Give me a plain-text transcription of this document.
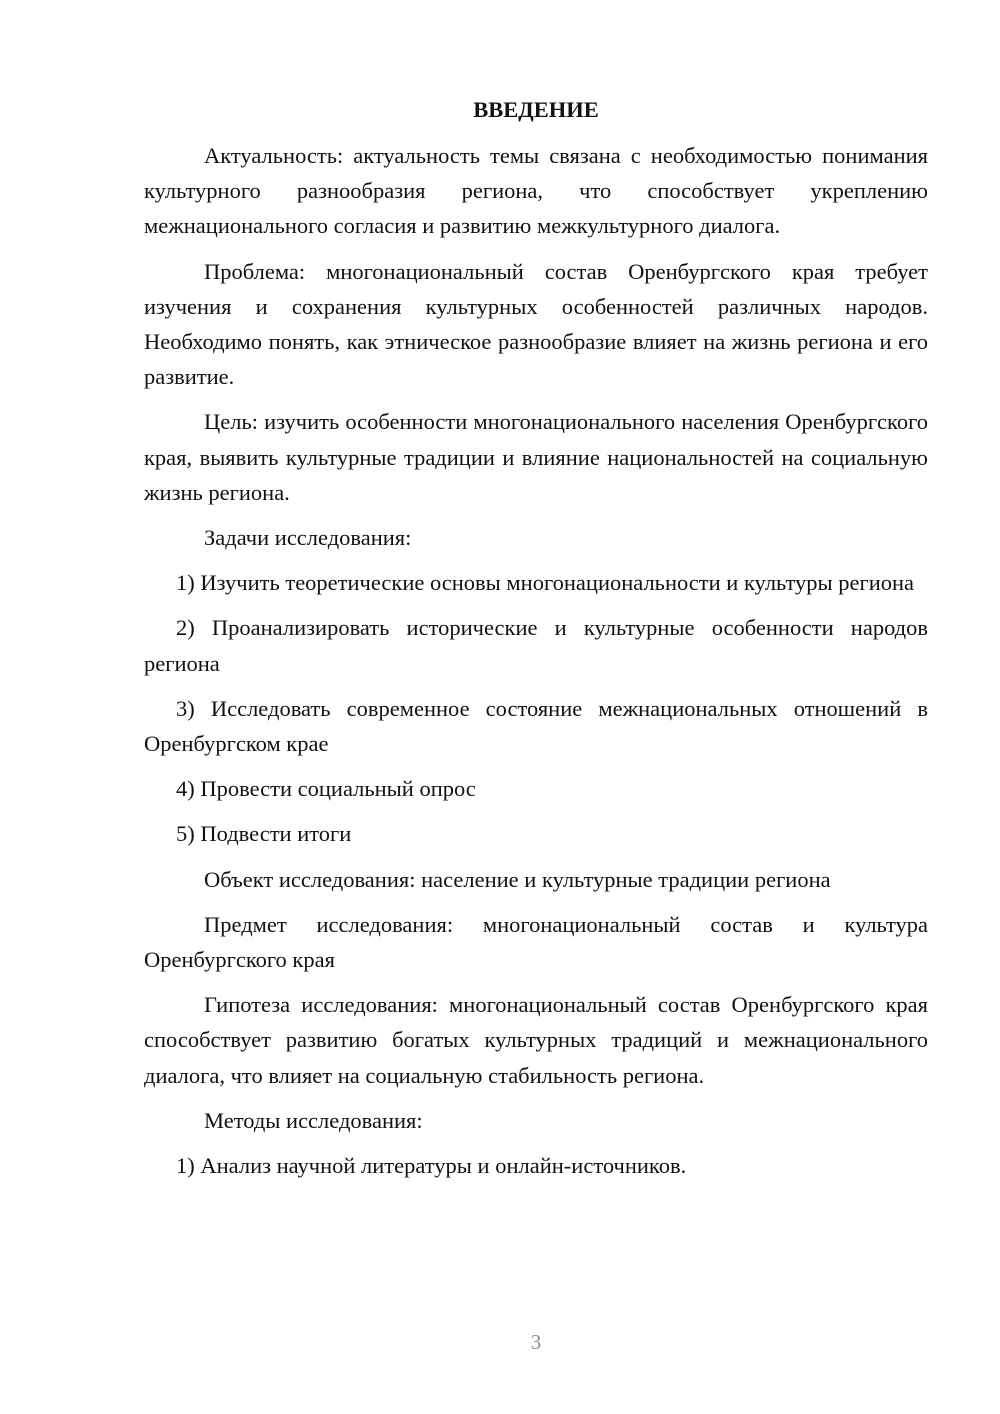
ВВЕДЕНИЕ
Актуальность: актуальность темы связана с необходимостью понимания культурного разнообразия региона, что способствует укреплению межнационального согласия и развитию межкультурного диалога.
Проблема: многонациональный состав Оренбургского края требует изучения и сохранения культурных особенностей различных народов. Необходимо понять, как этническое разнообразие влияет на жизнь региона и его развитие.
Цель: изучить особенности многонационального населения Оренбургского края, выявить культурные традиции и влияние национальностей на социальную жизнь региона.
Задачи исследования:
1) Изучить теоретические основы многонациональности и культуры региона
2) Проанализировать исторические и культурные особенности народов региона
3) Исследовать современное состояние межнациональных отношений в Оренбургском крае
4) Провести социальный опрос
5) Подвести итоги
Объект исследования: население и культурные традиции региона
Предмет исследования: многонациональный состав и культура Оренбургского края
Гипотеза исследования: многонациональный состав Оренбургского края способствует развитию богатых культурных традиций и межнационального диалога, что влияет на социальную стабильность региона.
Методы исследования:
1) Анализ научной литературы и онлайн-источников.
3
